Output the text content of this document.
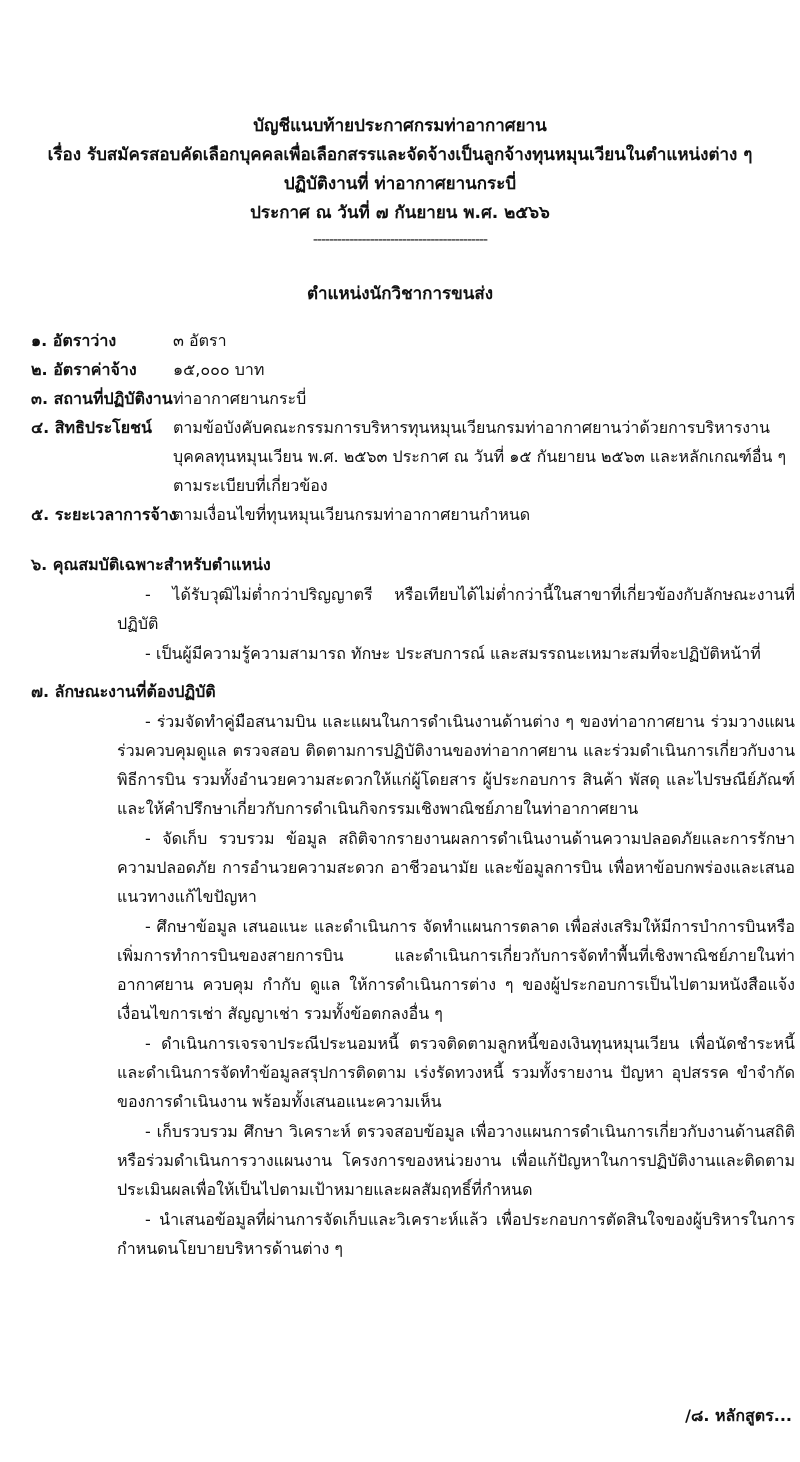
บัญชีแนบท้ายประกาศกรมท่าอากาศยาน
เรื่อง รับสมัครสอบคัดเลือกบุคคลเพื่อเลือกสรรและจัดจ้างเป็นลูกจ้างทุนหมุนเวียนในตำแหน่งต่าง ๆ
ปฏิบัติงานที่ ท่าอากาศยานกระบี่
ประกาศ ณ วันที่ ๗ กันยายน พ.ศ. ๒๕๖๖
-------------------------------------------
ตำแหน่งนักวิชาการขนส่ง
๑. อัตราว่าง	๓ อัตรา
๒. อัตราค่าจ้าง	๑๕,๐๐๐ บาท
๓. สถานที่ปฏิบัติงาน ท่าอากาศยานกระบี่
๔. สิทธิประโยชน์	ตามข้อบังคับคณะกรรมการบริหารทุนหมุนเวียนกรมท่าอากาศยานว่าด้วยการบริหารงานบุคคลทุนหมุนเวียน พ.ศ. ๒๕๖๓ ประกาศ ณ วันที่ ๑๕ กันยายน ๒๕๖๓ และหลักเกณฑ์อื่น ๆ ตามระเบียบที่เกี่ยวข้อง
๕. ระยะเวลาการจ้าง
ตามเงื่อนไขที่ทุนหมุนเวียนกรมท่าอากาศยานกำหนด
๖. คุณสมบัติเฉพาะสำหรับตำแหน่ง

- ได้รับวุฒิไม่ต่ำกว่าปริญญาตรี หรือเทียบได้ไม่ต่ำกว่านี้ในสาขาที่เกี่ยวข้องกับลักษณะงานที่ปฏิบัติ

- เป็นผู้มีความรู้ความสามารถ ทักษะ ประสบการณ์ และสมรรถนะเหมาะสมที่จะปฏิบัติหน้าที่

๗. ลักษณะงานที่ต้องปฏิบัติ

- ร่วมจัดทำคู่มือสนามบิน และแผนในการดำเนินงานด้านต่าง ๆ ของท่าอากาศยาน ร่วมวางแผน ร่วมควบคุมดูแล ตรวจสอบ ติดตามการปฏิบัติงานของท่าอากาศยาน และร่วมดำเนินการเกี่ยวกับงานพิธีการบิน รวมทั้งอำนวยความสะดวกให้แก่ผู้โดยสาร ผู้ประกอบการ สินค้า พัสดุ และไปรษณีย์ภัณฑ์ และให้คำปรึกษาเกี่ยวกับการดำเนินกิจกรรมเชิงพาณิชย์ภายในท่าอากาศยาน

- จัดเก็บ รวบรวม ข้อมูล สถิติจากรายงานผลการดำเนินงานด้านความปลอดภัยและการรักษาความปลอดภัย การอำนวยความสะดวก อาชีวอนามัย และข้อมูลการบิน เพื่อหาข้อบกพร่องและเสนอแนวทางแก้ไขปัญหา

- ศึกษาข้อมูล เสนอแนะ และดำเนินการ จัดทำแผนการตลาด เพื่อส่งเสริมให้มีการบำการบินหรือเพิ่มการทำการบินของสายการบิน และดำเนินการเกี่ยวกับการจัดทำพื้นที่เชิงพาณิชย์ภายในท่าอากาศยาน ควบคุม กำกับ ดูแล ให้การดำเนินการต่าง ๆ ของผู้ประกอบการเป็นไปตามหนังสือแจ้งเงื่อนไขการเช่า สัญญาเช่า รวมทั้งข้อตกลงอื่น ๆ

- ดำเนินการเจรจาประณีประนอมหนี้ ตรวจติดตามลูกหนี้ของเงินทุนหมุนเวียน เพื่อนัดชำระหนี้และดำเนินการจัดทำข้อมูลสรุปการติดตาม เร่งรัดทวงหนี้ รวมทั้งรายงาน ปัญหา อุปสรรค ขำจำกัด ของการดำเนินงาน พร้อมทั้งเสนอแนะความเห็น

- เก็บรวบรวม ศึกษา วิเคราะห์ ตรวจสอบข้อมูล เพื่อวางแผนการดำเนินการเกี่ยวกับงานด้านสถิติหรือร่วมดำเนินการวางแผนงาน โครงการของหน่วยงาน เพื่อแก้ปัญหาในการปฏิบัติงานและติดตามประเมินผลเพื่อให้เป็นไปตามเป้าหมายและผลสัมฤทธิ์ที่กำหนด

- นำเสนอข้อมูลที่ผ่านการจัดเก็บและวิเคราะห์แล้ว เพื่อประกอบการตัดสินใจของผู้บริหารในการกำหนดนโยบายบริหารด้านต่าง ๆ

/๘. หลักสูตร...
